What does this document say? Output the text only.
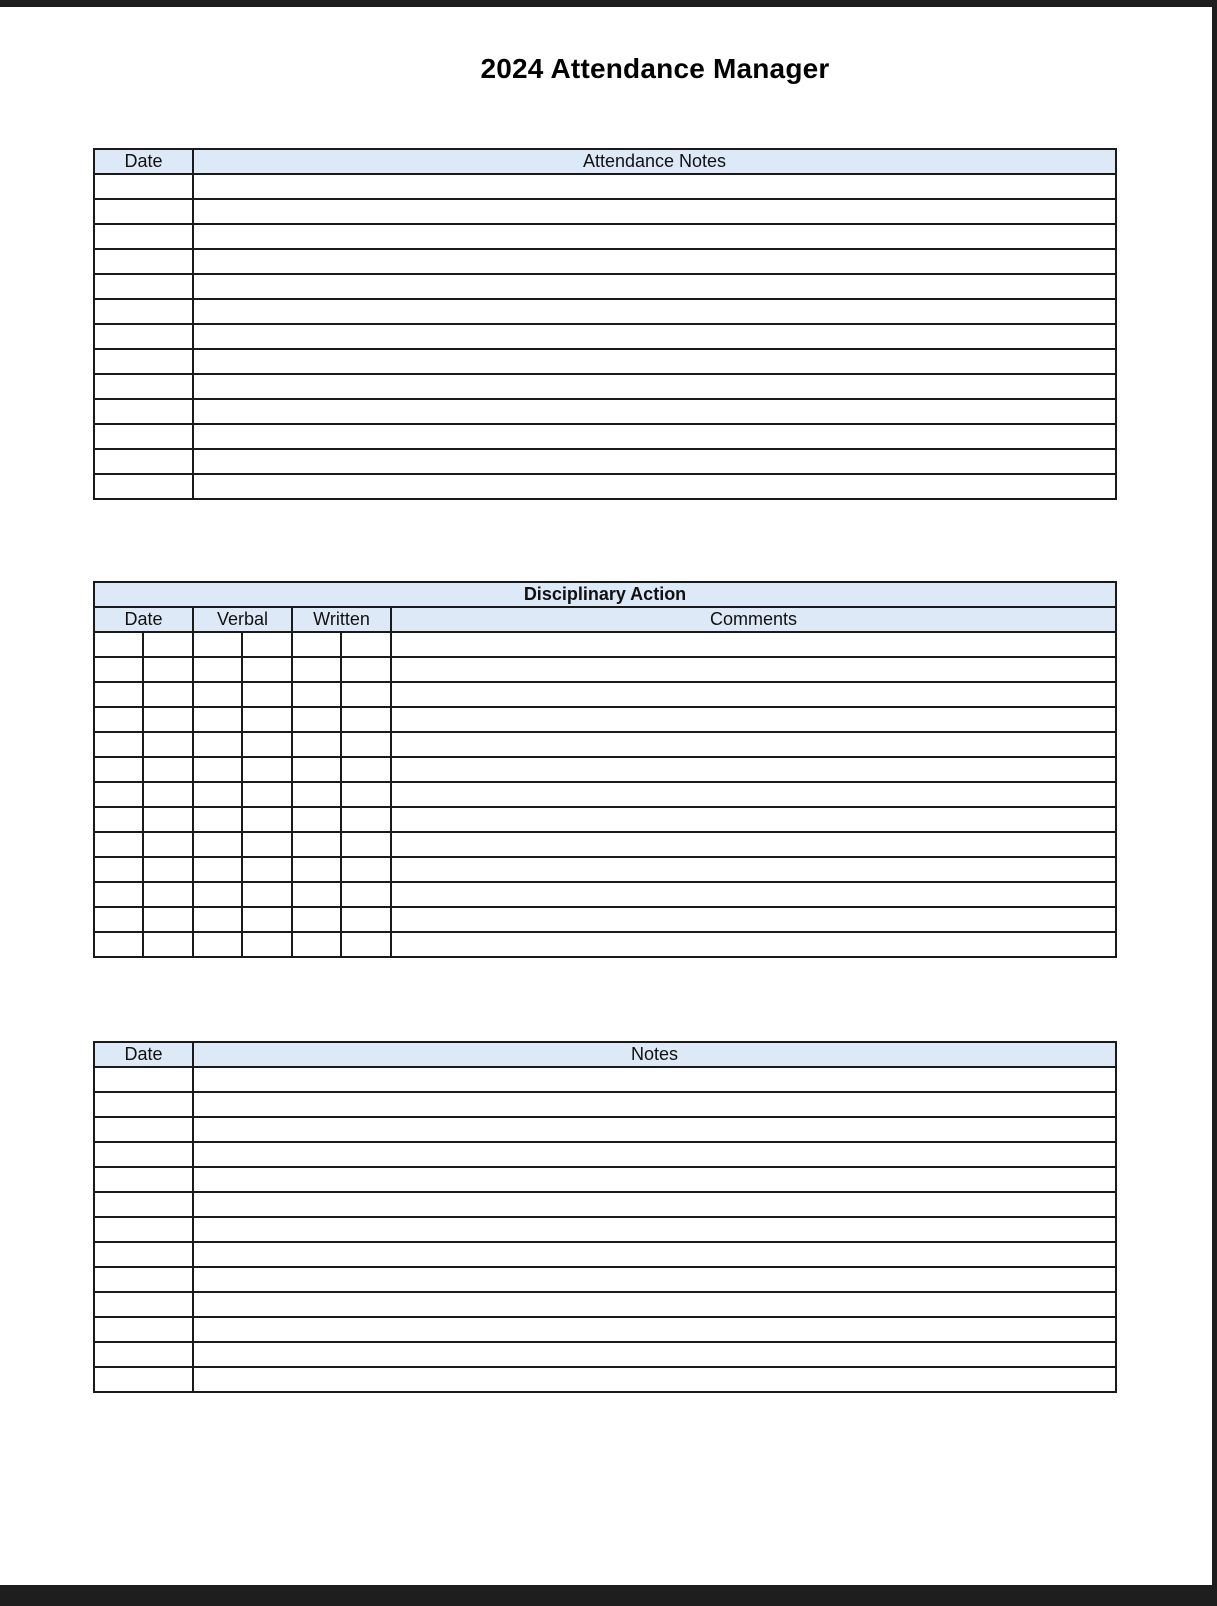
2024 Attendance Manager
Date	Attendance Notes

Disciplinary Action						
Date		Verbal		Written		Comments

Date	Notes
